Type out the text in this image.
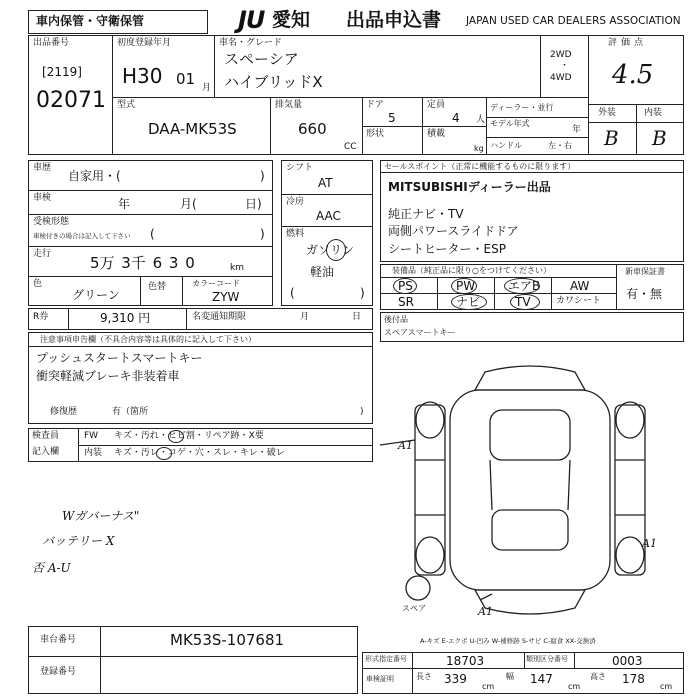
車内保管・守衛保管	JU 愛知 出品申込書 JAPAN USED CAR DEALERS ASSOCIATION
出品番号
[2119]
02071
初度登録年月
H30 01 月
車名・グレード
スペーシア
ハイブリッドX
2WD
・
4WD
評価点
4.5
外装	内装
B B
型式
DAA-MK53S
排気量
660
CC
ドア
5
定員
4 人
形状	積載
kg
ディーラー・並行
モデル年式
年
ハンドル	左・右
車歴
自家用・(	)
車検	年	月(	日)
受検形態
車検付きの場合は記入して下さい (	)
走行	5万 3千 6 3 0	km
色
グリーン
色替	カラーコード
ZYW
シフト
AT
冷房
AAC
燃料
ガソリン
軽油
(	)
R券	9,310 円	名変通知期限	月	日
注意事項申告欄（不具合内容等は具体的に記入して下さい）
プッシュスタートスマートキー
衝突軽減ブレーキ非装着車
修復歴	有（箇所	)
検査員
記入欄
FW キズ・汚れ・ヒビ割・リペア跡・X要
内装 キズ・汚レ・コゲ・穴・スレ・キレ・破レ
Wガバーナス"
バッテリー X
否 A-U
セールスポイント（正常に機能するものに限ります）
MITSUBISHIディーラー出品
純正ナビ・TV
両側パワースライドドア
シートヒーター・ESP
装備品（純正品に限り○をつけてください）
PS	PW	エアB AW
SR	ナビ	TV	カワシート
新車保証書
有・無
後付品
スペアスマートキー
A1
A1
A1
スペア
A-キズ E-エクボ U-凹み W-補修跡 S-サビ C-腐食 XX-交換済
車台番号	MK53S-107681
登録番号
形式指定番号	18703	類別区分番号	0003
車検証明	長さ 339
cm
幅 147
cm
高さ 178
cm
